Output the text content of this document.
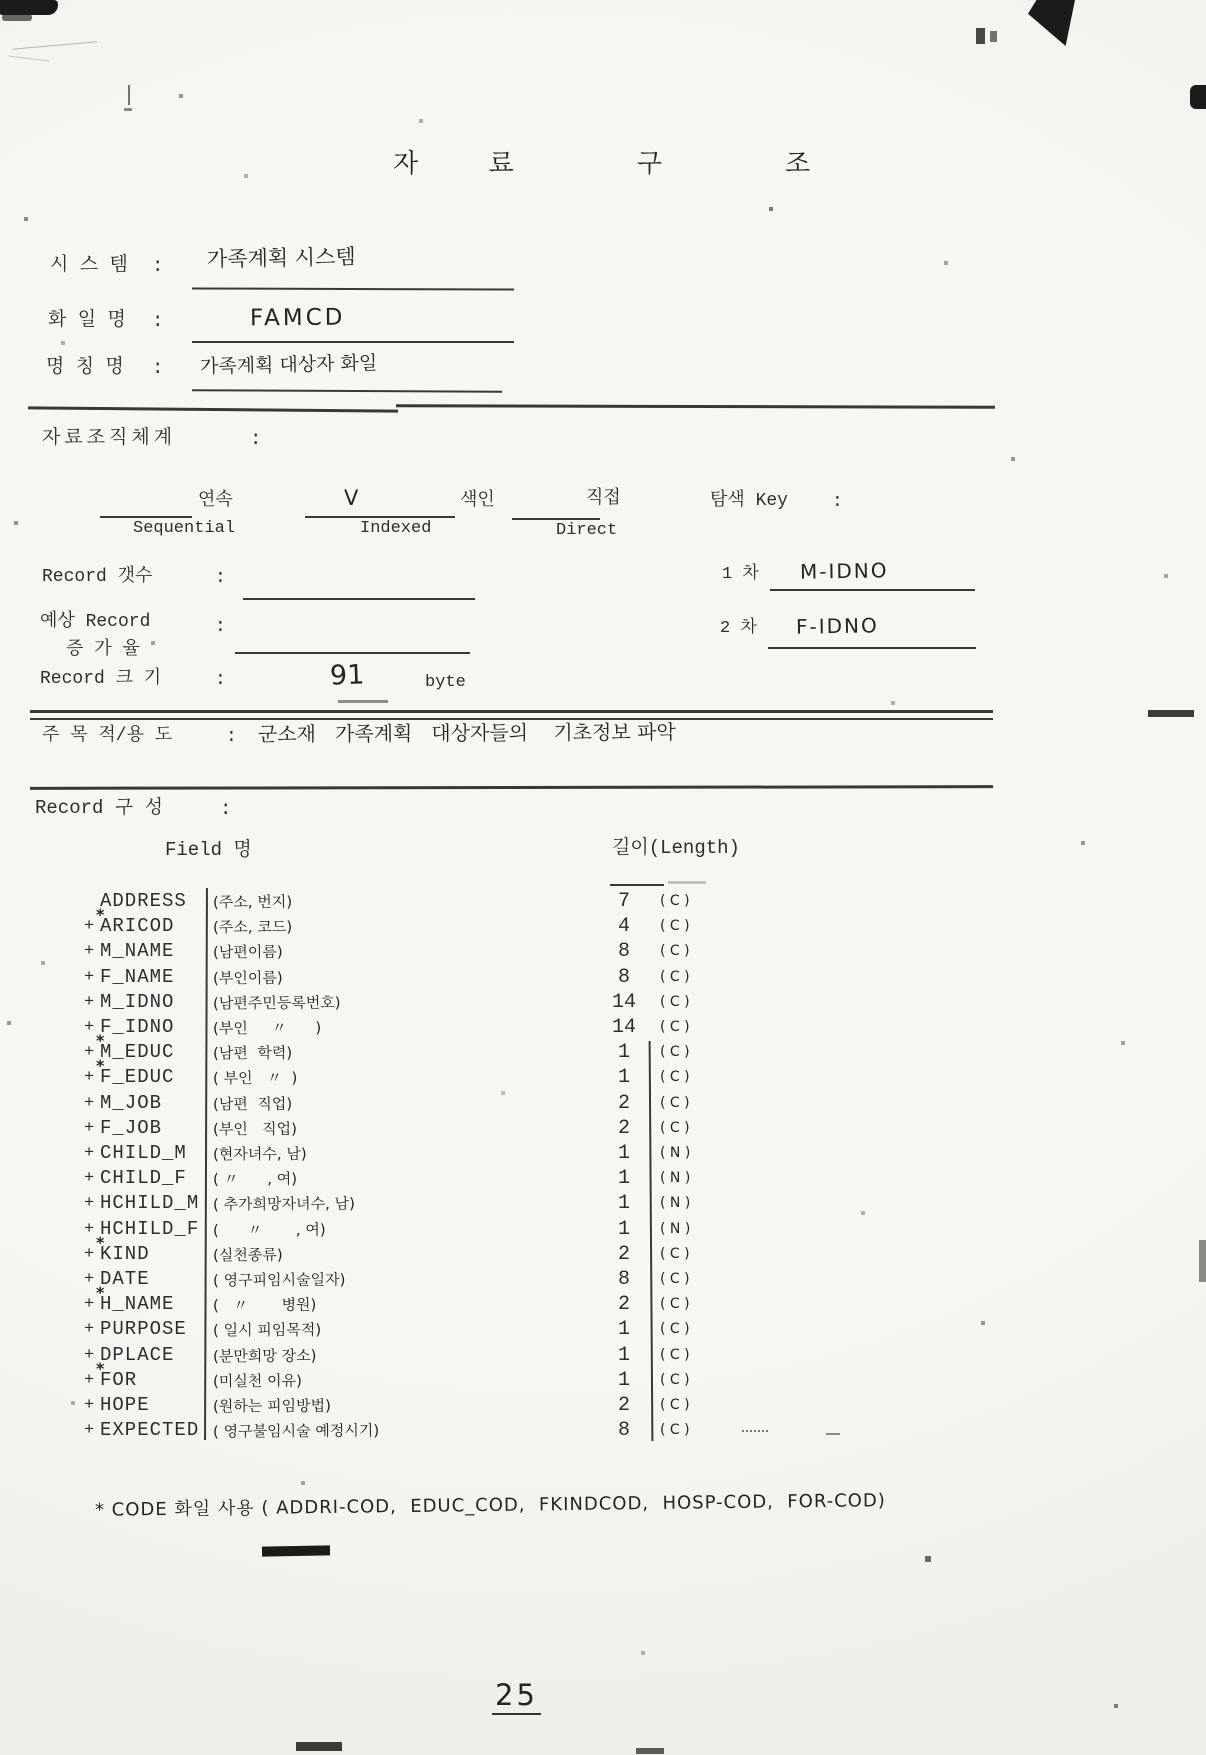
자  료    구    조
시 스 템 : 가족계획 시스템
화 일 명 :	FAMCD
명 칭 명 : 가족계획 대상자 화일
자료조직체계	:
연속
Sequential
V	색인
Indexed
직접
Direct
탐색 Key :
Record 갯수	:	1 차 M-IDNO
예상 Record
증 가 율
:	2 차 F-IDNO
Record 크 기	:	91	byte
주 목 적/용 도	: 군소재   가족계획   대상자들의    기초정보 파악
Record 구 성	:
Field 명	길이(Length)
ADDRESS (주소, 번지)	7	( C )
+
*
ARICOD	(주소, 코드)	4	( C )
+ M_NAME	(남편이름)	8	( C )
+ F_NAME	(부인이름)	8	( C )
+ M_IDNO	(남편주민등록번호)	14	( C )
+ F_IDNO	(부인     〃      )	14	( C )
+
*
M_EDUC	(남편  학력)	1	( C )
+
*
F_EDUC	( 부인   〃  )	1	( C )
+ M_JOB	(남편  직업)	2	( C )
+ F_JOB	(부인   직업)	2	( C )
+ CHILD_M (현자녀수, 남)	1	( N )
+ CHILD_F ( 〃      , 여)	1	( N )
+ HCHILD_M ( 추가희망자녀수, 남)	1	( N )
+ HCHILD_F (      〃       , 여)	1	( N )
+
*
KIND	(실천종류)	2	( C )
+ DATE	( 영구피임시술일자)	8	( C )
+
*
H_NAME	(   〃       병원)	2	( C )
+ PURPOSE ( 일시 피임목적)	1	( C )
+ DPLACE	(분만희망 장소)	1	( C )
+
*
FOR	(미실천 이유)	1	( C )
+ HOPE	(원하는 피임방법)	2	( C )
+ EXPECTED ( 영구불임시술 예정시기)	8	( C )
* CODE 화일 사용 ( ADDRI-COD,  EDUC_COD,  FKINDCOD,  HOSP-COD,  FOR-COD)
25
